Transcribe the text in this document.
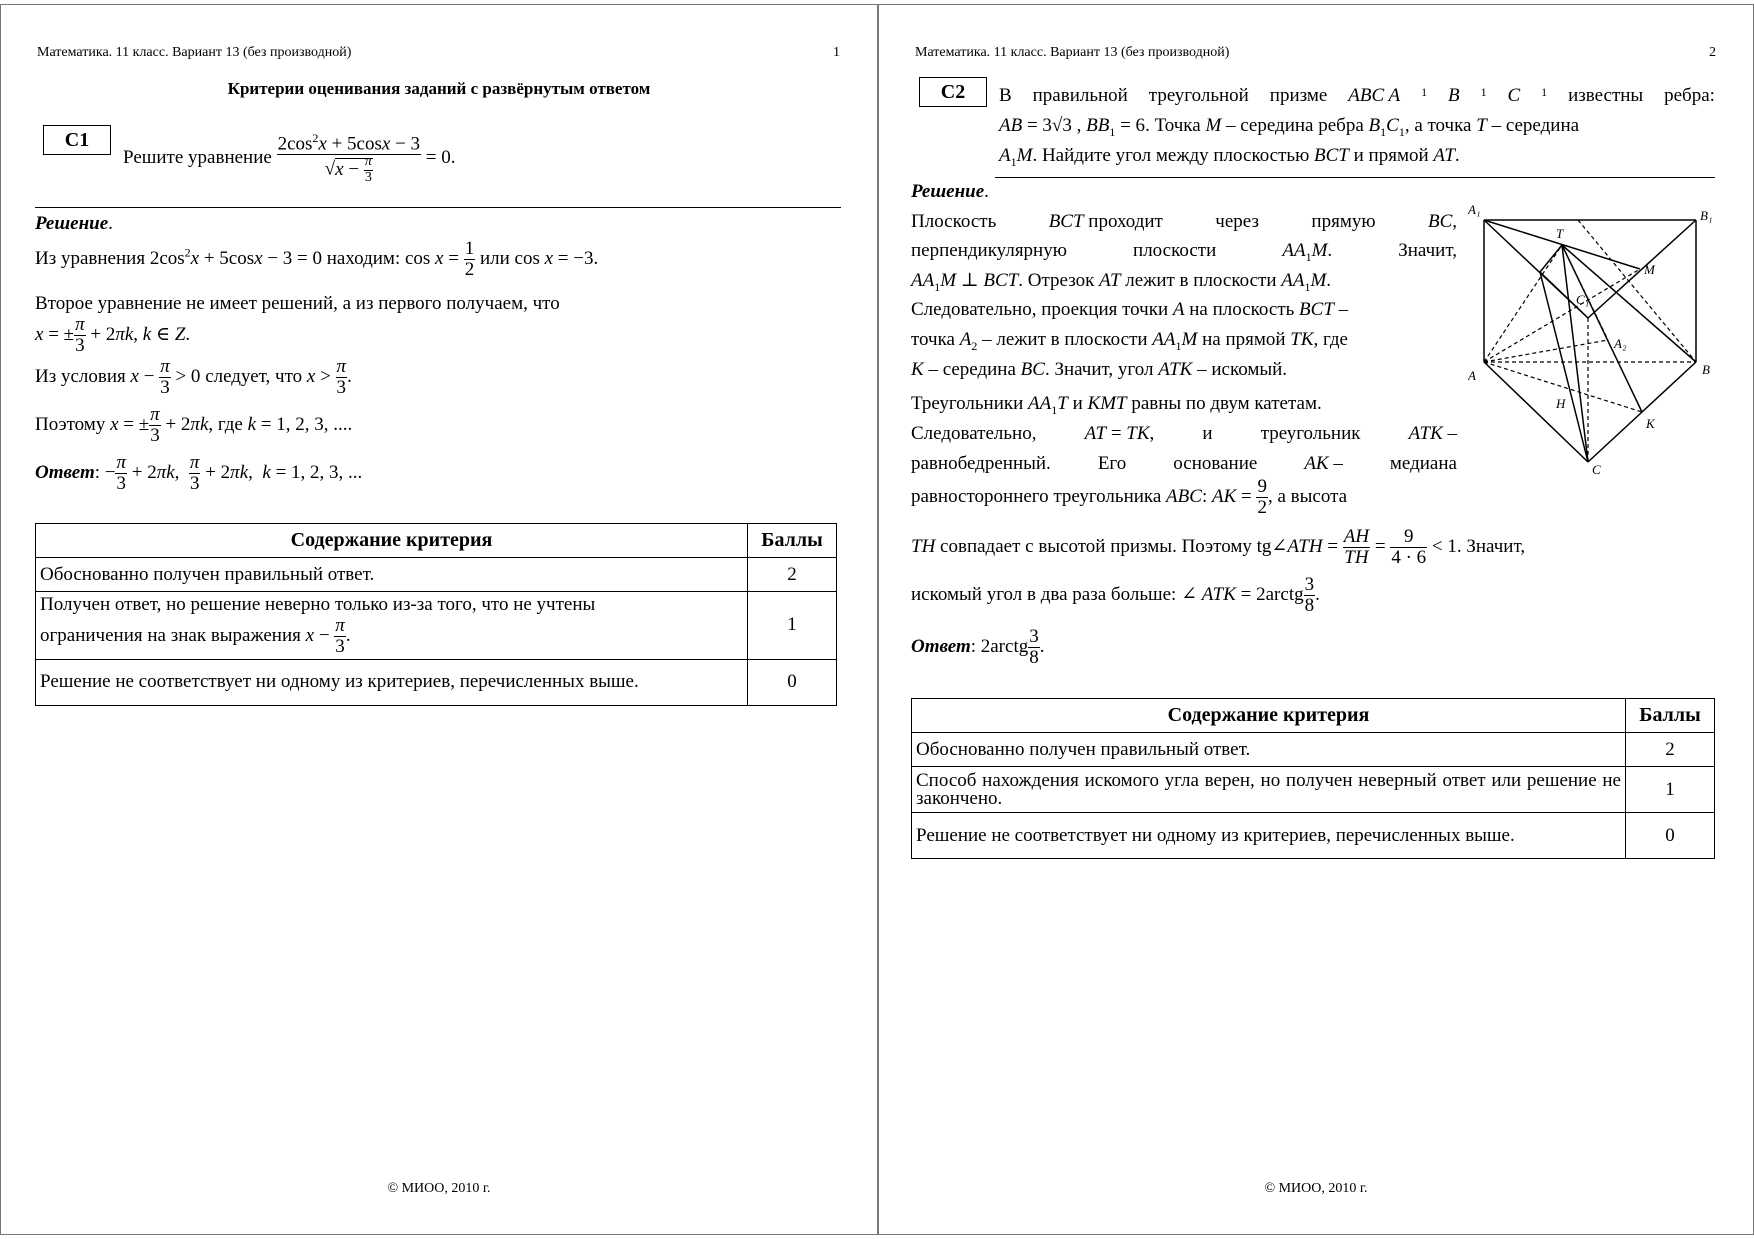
Математика. 11 класс. Вариант 13 (без производной)	1
Критерии оценивания заданий с развёрнутым ответом
С1
Решите уравнение $\frac{2\cos^2x + 5\cos x - 3}{√x - \frac{\pi}{3}} = 0$.
Решение.
Из уравнения $2\cos^2x + 5\cos x - 3 = 0$ находим: $\cos x = \frac{1}{2}$ или cos x = −3.
Второе уравнение не имеет решений, а из первого получаем, что
x = ± $\frac{\pi}{3} + 2\pi k$, k ∈ Z.
Из условия $x - \frac{\pi}{3} > 0$ следует, что $x > \frac{\pi}{3}$ .
Поэтому x = ± $\frac{\pi}{3} + 2\pi k$, где k = 1, 2, 3, ....
Ответ: − $\frac{\pi}{3} + 2\pi k$, $\frac{\pi}{3} + 2\pi k$,  k = 1, 2, 3, ...
Содержание критерия	Баллы
Обоснованно получен правильный ответ.	2
Получен ответ, но решение неверно только из-за того, что не учтены
ограничения на знак выражения $x - \frac{\pi}{3}$ .	1
Решение не соответствует ни одному из критериев, перечисленных выше.	0
© МИОО, 2010 г.
Математика. 11 класс. Вариант 13 (без производной)	2
С2	В правильной треугольной призме ABC A 1 B 1 C 1 известны ребра:
AB = 3√3 , $BB_1 = 6$. Точка M – середина ребра $B_1C_1$, а точка T – середина
$A_1M$. Найдите угол между плоскостью BCT и прямой AT.
Решение.
Плоскость	BCT проходит	через	прямую	BC,
перпендикулярную	плоскости	$AA_1M$.	Значит,
$AA_1M$ ⊥ BCT. Отрезок AT лежит в плоскости $AA_1M$.
Следовательно, проекция точки A на плоскость BCT –
точка $A_2$ – лежит в плоскости $AA_1M$ на прямой TK, где
K – середина BC. Значит, угол ATK – искомый.
Треугольники $AA_1T$ и KMT равны по двум катетам.
Следовательно,	AT = TK,	и	треугольник	ATK –
равнобедренный. Его основание AK – медиана
равностороннего треугольника ABC: AK = $\frac{9}{2}$ , а высота
TH совпадает с высотой призмы. Поэтому tg∠ATH = $\frac{AH}{TH} = \frac{9}{4 \cdot 6} < 1$. Значит,
искомый угол в два раза больше: ∠ ATK = 2arctg $\frac{3}{8}$ .
Ответ: 2arctg $\frac{3}{8}$ .
Содержание критерия	Баллы
Обоснованно получен правильный ответ.	2
Способ нахождения искомого угла верен, но получен неверный ответ или решение не закончено.	1
Решение не соответствует ни одному из критериев, перечисленных выше.	0
© МИОО, 2010 г.
A₁	B₁
T
M
C₁
A₂
A	B
H
K
C
